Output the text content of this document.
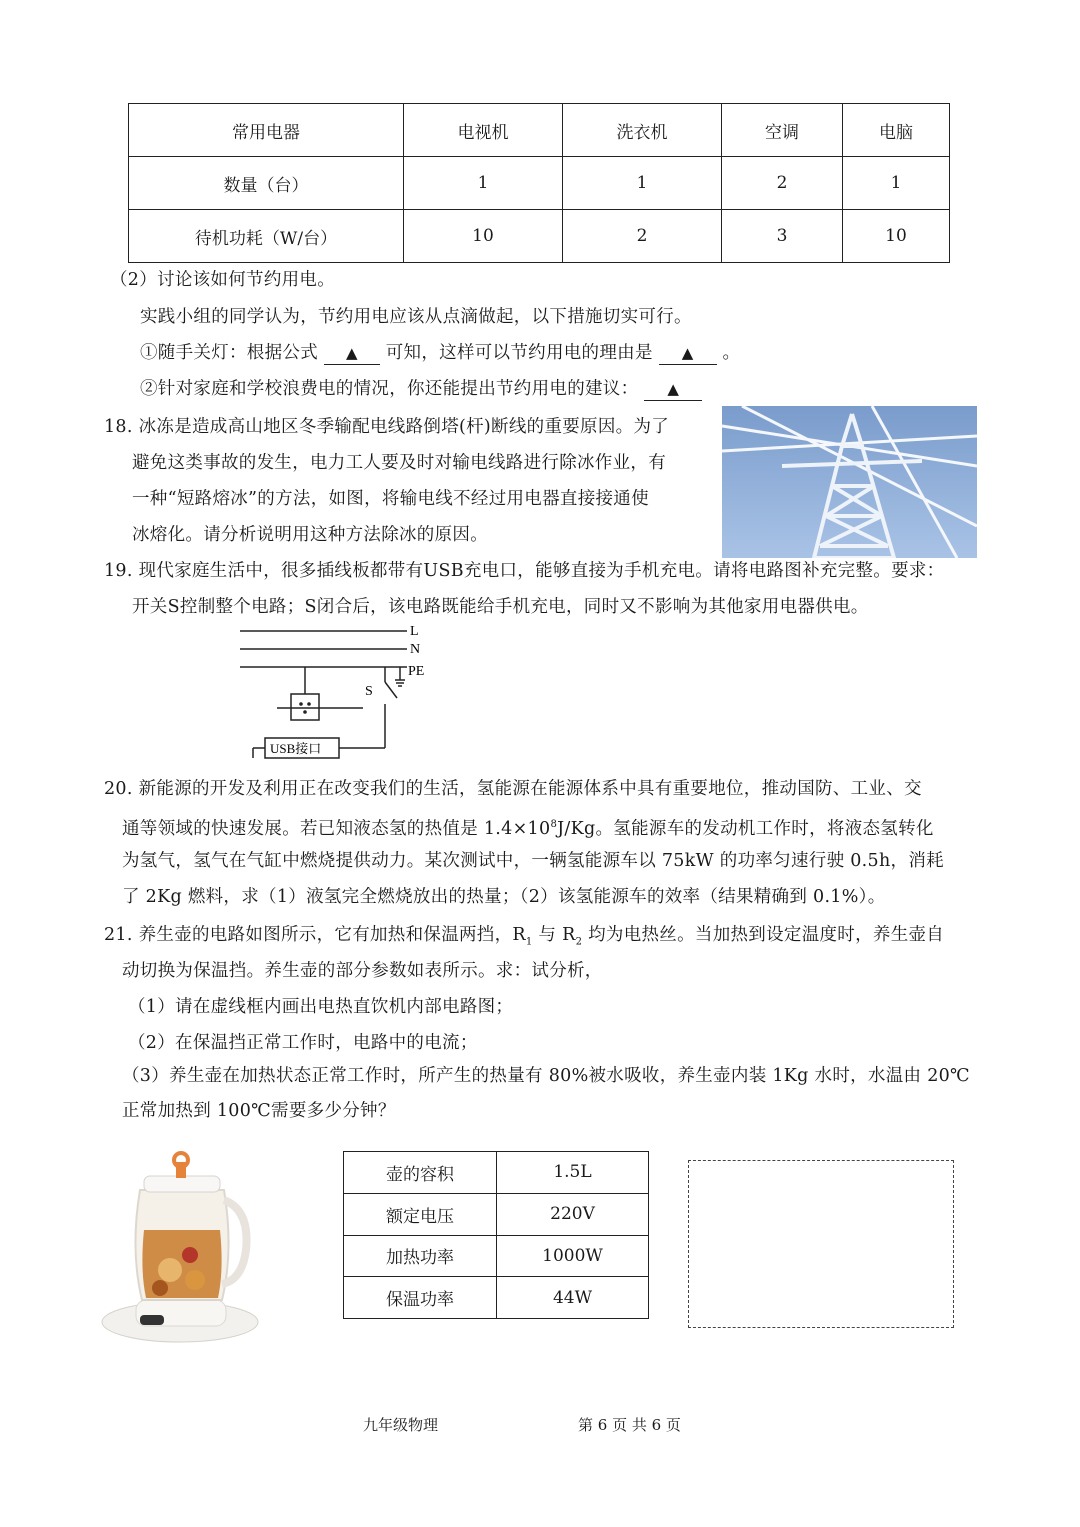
常用电器	电视机	洗衣机	空调	电脑
数量（台）	1	1	2	1
待机功耗（W/台）	10	2	3	10
（2）讨论该如何节约用电。
实践小组的同学认为，节约用电应该从点滴做起，以下措施切实可行。
①随手关灯：根据公式 ▲ 可知，这样可以节约用电的理由是 ▲ 。
②针对家庭和学校浪费电的情况，你还能提出节约用电的建议： ▲
18. 冰冻是造成高山地区冬季输配电线路倒塔(杆)断线的重要原因。为了
避免这类事故的发生，电力工人要及时对输电线路进行除冰作业，有
一种“短路熔冰”的方法，如图，将输电线不经过用电器直接接通使
冰熔化。请分析说明用这种方法除冰的原因。
19. 现代家庭生活中，很多插线板都带有USB充电口，能够直接为手机充电。请将电路图补充完整。要求：
开关S控制整个电路；S闭合后，该电路既能给手机充电，同时又不影响为其他家用电器供电。
L
N
PE
S
USB接口
20. 新能源的开发及利用正在改变我们的生活，氢能源在能源体系中具有重要地位，推动国防、工业、交
通等领域的快速发展。若已知液态氢的热值是 $1.4\times 10^8J/Kg$。氢能源车的发动机工作时，将液态氢转化
为氢气，氢气在气缸中燃烧提供动力。某次测试中，一辆氢能源车以 75kW 的功率匀速行驶 0.5h，消耗
了 2Kg 燃料，求（1）液氢完全燃烧放出的热量；（2）该氢能源车的效率（结果精确到 0.1%）。
21. 养生壶的电路如图所示，它有加热和保温两挡，$R_1$ 与 $R_2$ 均为电热丝。当加热到设定温度时，养生壶自
动切换为保温挡。养生壶的部分参数如表所示。求：试分析，
（1）请在虚线框内画出电热直饮机内部电路图；
（2）在保温挡正常工作时，电路中的电流；
（3）养生壶在加热状态正常工作时，所产生的热量有 80%被水吸收，养生壶内装 1Kg 水时，水温由 20℃
正常加热到 100℃需要多少分钟？
壶的容积	1.5L
额定电压	220V
加热功率	1000W
保温功率	44W
九年级物理	第 6 页 共 6 页
